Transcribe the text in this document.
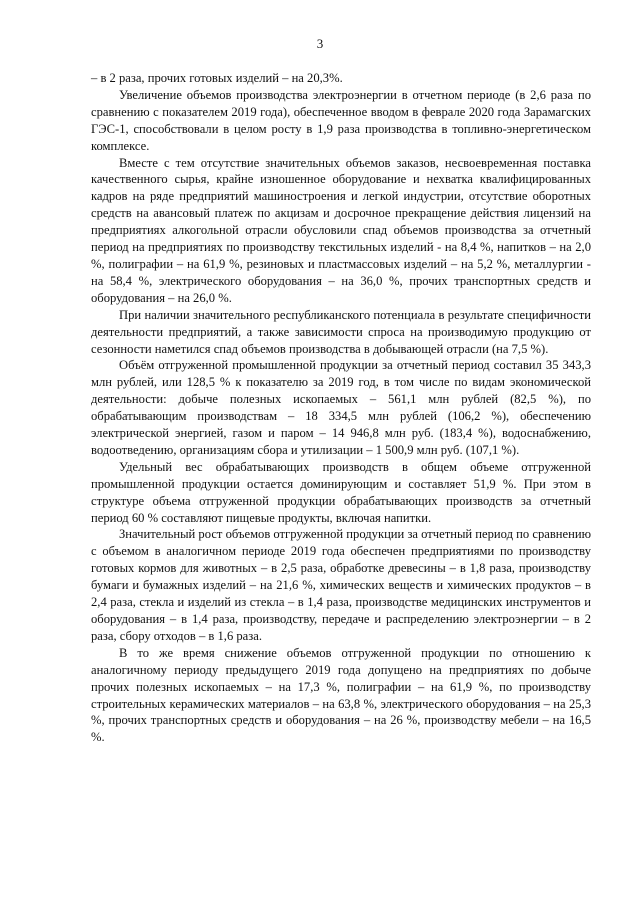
3

– в 2 раза, прочих готовых изделий – на 20,3%.

Увеличение объемов производства электроэнергии в отчетном периоде (в 2,6 раза по сравнению с показателем 2019 года), обеспеченное вводом в феврале 2020 года Зарамагских ГЭС-1, способствовали в целом росту в 1,9 раза производства в топливно-энергетическом комплексе.

Вместе с тем отсутствие значительных объемов заказов, несвоевременная поставка качественного сырья, крайне изношенное оборудование и нехватка квалифицированных кадров на ряде предприятий машиностроения и легкой индустрии, отсутствие оборотных средств на авансовый платеж по акцизам и досрочное прекращение действия лицензий на предприятиях алкогольной отрасли обусловили спад объемов производства за отчетный период на предприятиях по производству текстильных изделий - на 8,4 %, напитков – на 2,0 %, полиграфии – на 61,9 %, резиновых и пластмассовых изделий – на 5,2 %, металлургии - на 58,4 %, электрического оборудования – на 36,0 %, прочих транспортных средств и оборудования – на 26,0 %.

При наличии значительного республиканского потенциала в результате специфичности деятельности предприятий, а также зависимости спроса на производимую продукцию от сезонности наметился спад объемов производства в добывающей отрасли (на 7,5 %).

Объём отгруженной промышленной продукции за отчетный период составил 35 343,3 млн рублей, или 128,5 % к показателю за 2019 год, в том числе по видам экономической деятельности: добыче полезных ископаемых – 561,1 млн рублей (82,5 %), по обрабатывающим производствам – 18 334,5 млн рублей (106,2 %), обеспечению электрической энергией, газом и паром – 14 946,8 млн руб. (183,4 %), водоснабжению, водоотведению, организациям сбора и утилизации – 1 500,9 млн руб. (107,1 %).

Удельный вес обрабатывающих производств в общем объеме отгруженной промышленной продукции остается доминирующим и составляет 51,9 %. При этом в структуре объема отгруженной продукции обрабатывающих производств за отчетный период 60 % составляют пищевые продукты, включая напитки.

Значительный рост объемов отгруженной продукции за отчетный период по сравнению с объемом в аналогичном периоде 2019 года обеспечен предприятиями по производству готовых кормов для животных – в 2,5 раза, обработке древесины – в 1,8 раза, производству бумаги и бумажных изделий – на 21,6 %, химических веществ и химических продуктов – в 2,4 раза, стекла и изделий из стекла – в 1,4 раза, производстве медицинских инструментов и оборудования – в 1,4 раза, производству, передаче и распределению электроэнергии – в 2 раза, сбору отходов – в 1,6 раза.

В то же время снижение объемов отгруженной продукции по отношению к аналогичному периоду предыдущего 2019 года допущено на предприятиях по добыче прочих полезных ископаемых – на 17,3 %, полиграфии – на 61,9 %, по производству строительных керамических материалов – на 63,8 %, электрического оборудования – на 25,3 %, прочих транспортных средств и оборудования – на 26 %, производству мебели – на 16,5 %.
